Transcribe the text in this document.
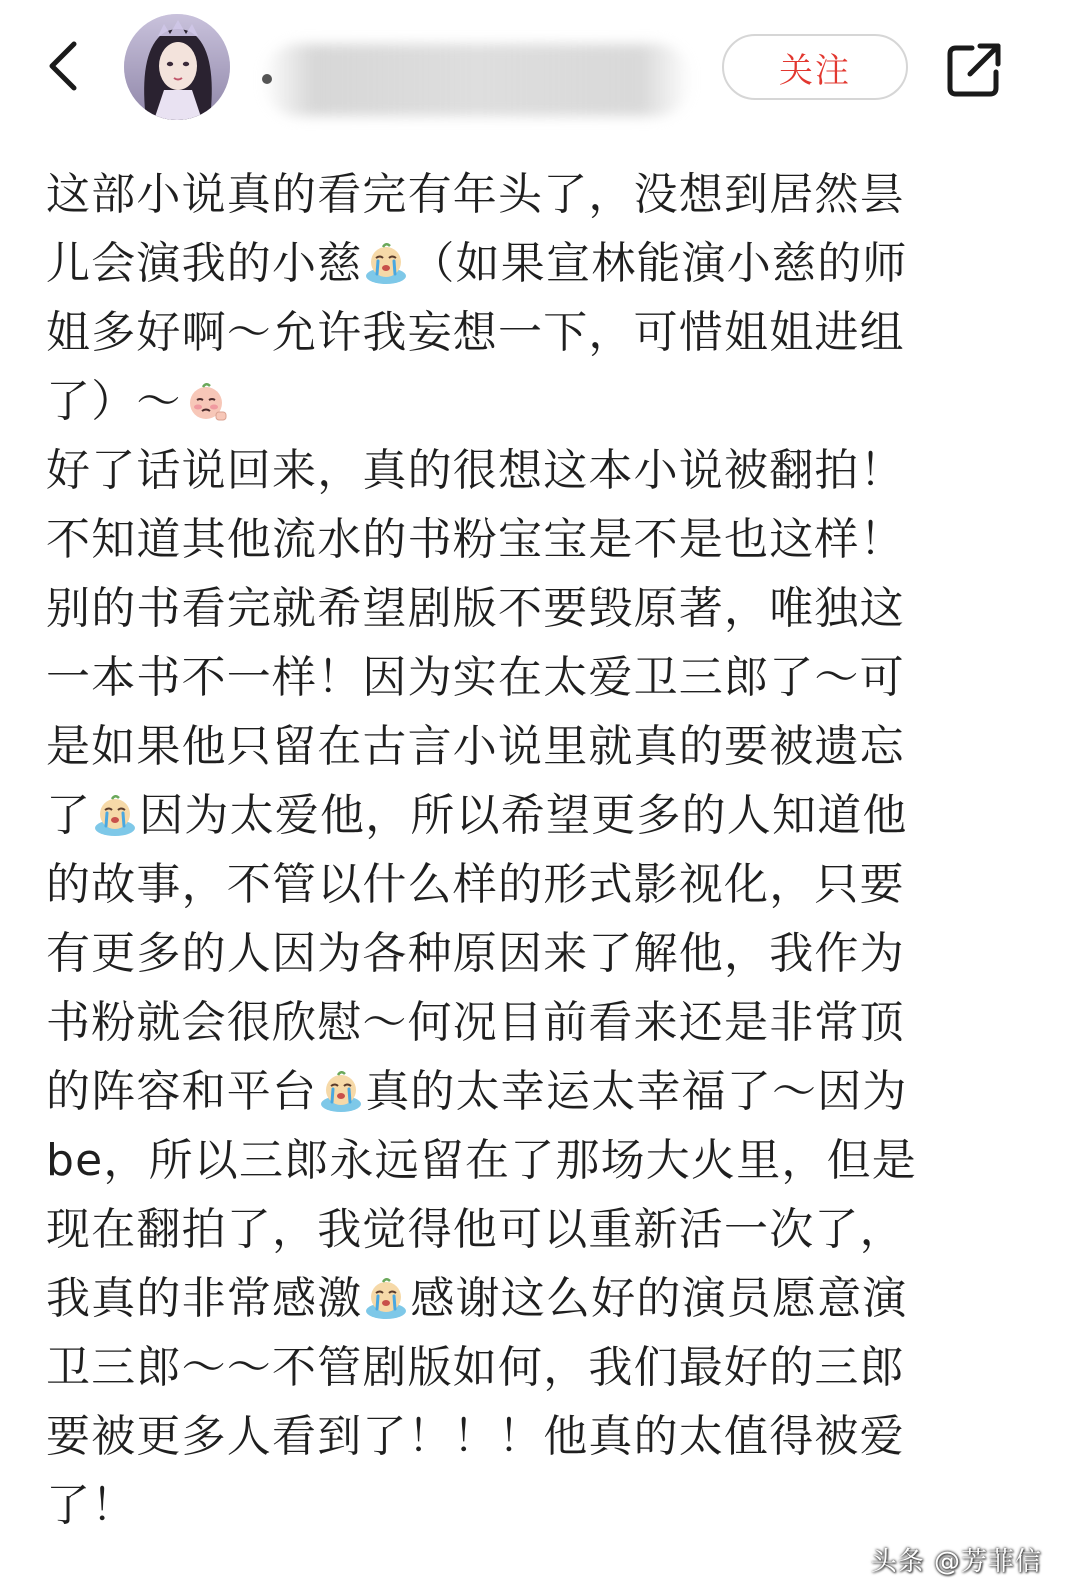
关注
这部小说真的看完有年头了，没想到居然昙
儿会演我的小慈 （如果宣林能演小慈的师
姐多好啊～允许我妄想一下，可惜姐姐进组
了）～
好了话说回来，真的很想这本小说被翻拍！
不知道其他流水的书粉宝宝是不是也这样！
别的书看完就希望剧版不要毁原著，唯独这
一本书不一样！因为实在太爱卫三郎了～可
是如果他只留在古言小说里就真的要被遗忘
了 因为太爱他，所以希望更多的人知道他
的故事，不管以什么样的形式影视化，只要
有更多的人因为各种原因来了解他，我作为
书粉就会很欣慰～何况目前看来还是非常顶
的阵容和平台 真的太幸运太幸福了～因为
be，所以三郎永远留在了那场大火里，但是
现在翻拍了，我觉得他可以重新活一次了，
我真的非常感激 感谢这么好的演员愿意演
卫三郎～～不管剧版如何，我们最好的三郎
要被更多人看到了！！！他真的太值得被爱
了！
头条 @芳菲信
